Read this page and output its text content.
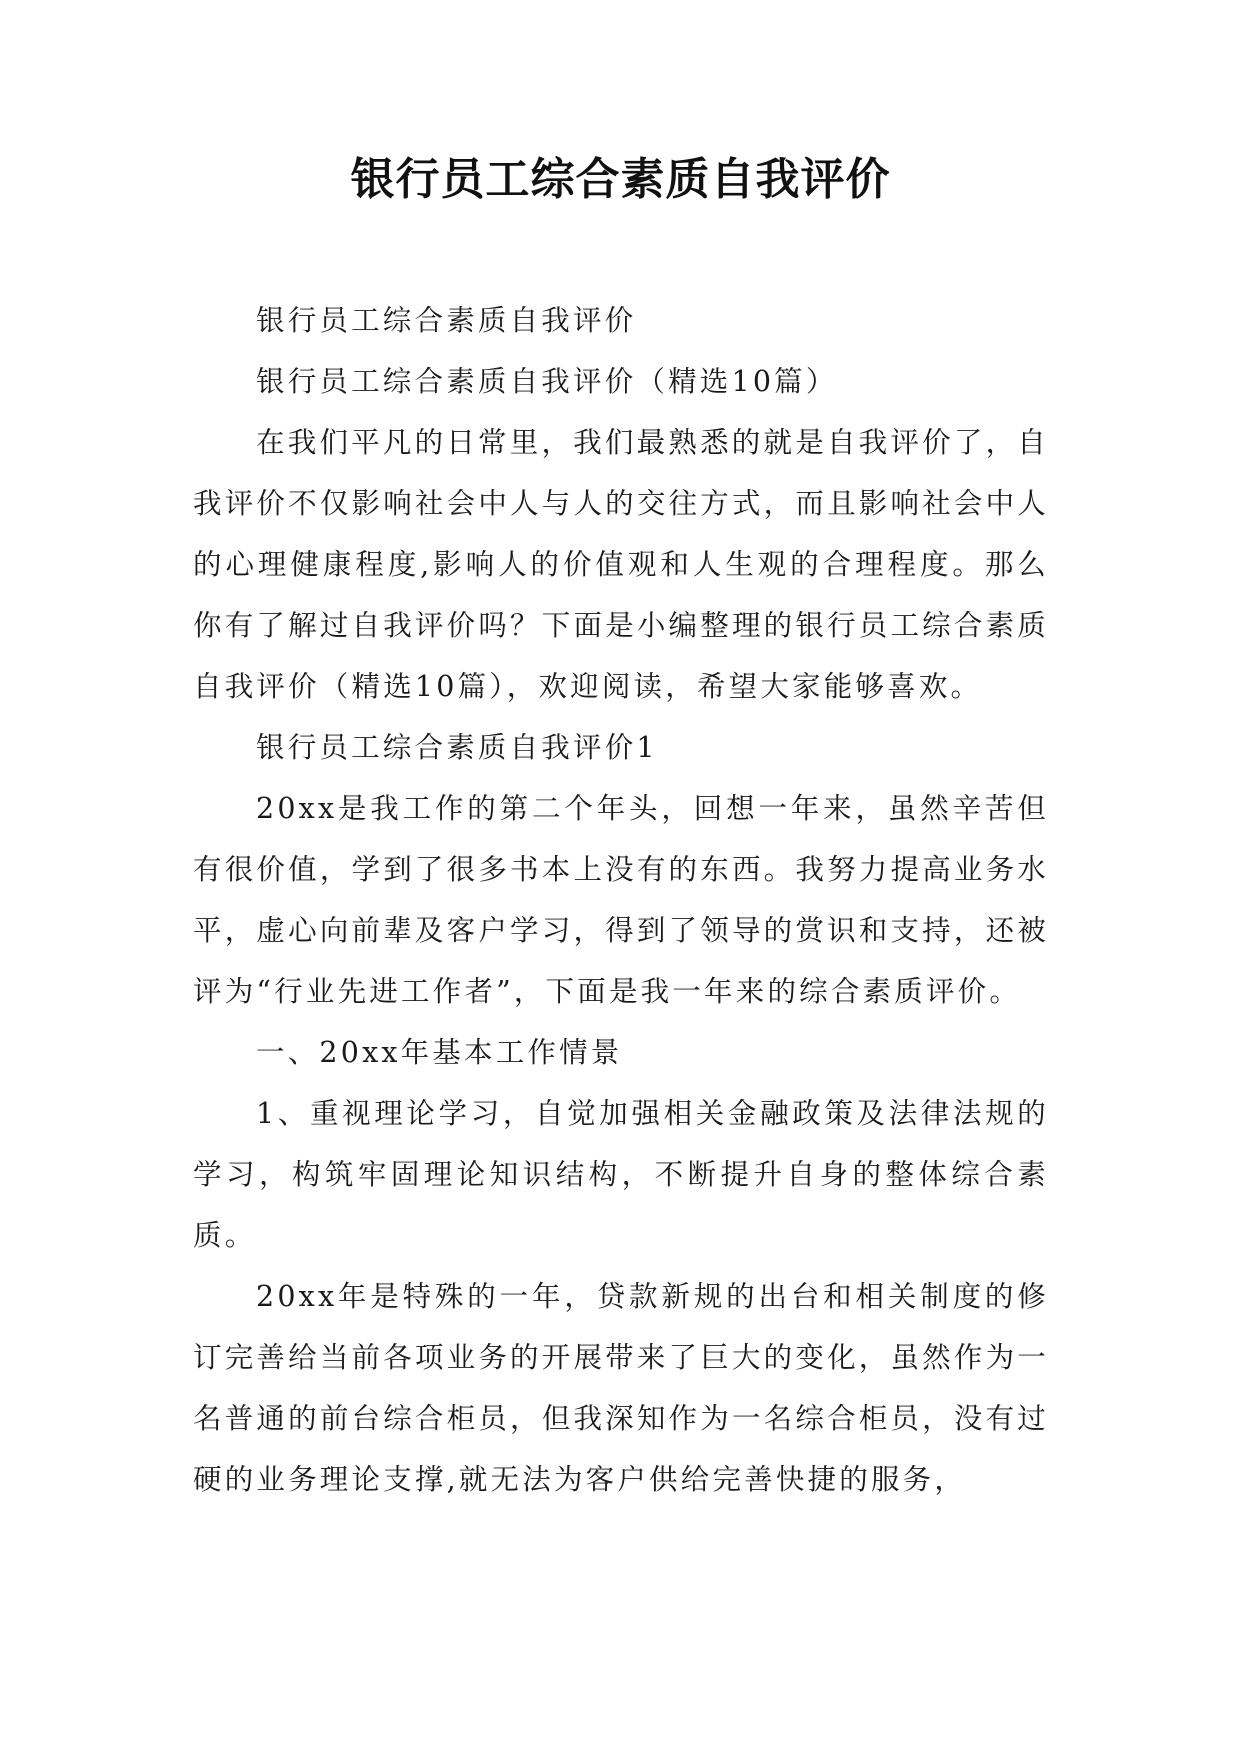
银行员工综合素质自我评价

银行员工综合素质自我评价

银行员工综合素质自我评价（精选10篇）

在我们平凡的日常里，我们最熟悉的就是自我评价了，自我评价不仅影响社会中人与人的交往方式，而且影响社会中人的心理健康程度,影响人的价值观和人生观的合理程度。那么你有了解过自我评价吗？下面是小编整理的银行员工综合素质自我评价（精选10篇），欢迎阅读，希望大家能够喜欢。

银行员工综合素质自我评价1

20xx是我工作的第二个年头，回想一年来，虽然辛苦但有很价值，学到了很多书本上没有的东西。我努力提高业务水平，虚心向前辈及客户学习，得到了领导的赏识和支持，还被评为“行业先进工作者”，下面是我一年来的综合素质评价。

一、20xx年基本工作情景

1、重视理论学习，自觉加强相关金融政策及法律法规的学习，构筑牢固理论知识结构，不断提升自身的整体综合素质。

20xx年是特殊的一年，贷款新规的出台和相关制度的修订完善给当前各项业务的开展带来了巨大的变化，虽然作为一名普通的前台综合柜员，但我深知作为一名综合柜员，没有过硬的业务理论支撑,就无法为客户供给完善快捷的服务，
